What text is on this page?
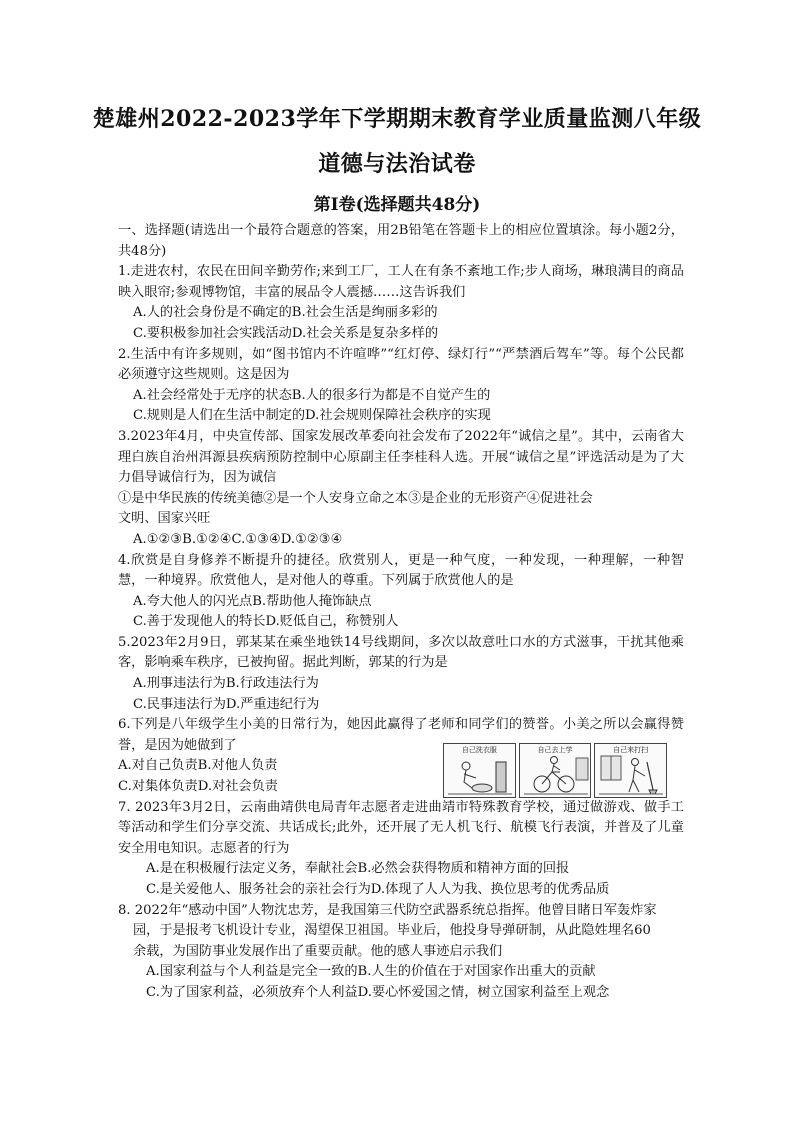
楚雄州2022-2023学年下学期期末教育学业质量监测八年级
道德与法治试卷
第Ⅰ卷(选择题共48分)

一、选择题(请选出一个最符合题意的答案，用2B铅笔在答题卡上的相应位置填涂。每小题2分，共48分)

1.走进农村，农民在田间辛勤劳作;来到工厂，工人在有条不紊地工作;步人商场，琳琅满目的商品映入眼帘;参观博物馆，丰富的展品令人震撼……这告诉我们

A.人的社会身份是不确定的B.社会生活是绚丽多彩的

C.要积极参加社会实践活动D.社会关系是复杂多样的

2.生活中有许多规则，如“图书馆内不许喧哗”“红灯停、绿灯行”“严禁酒后驾车”等。每个公民都必须遵守这些规则。这是因为

A.社会经常处于无序的状态B.人的很多行为都是不自觉产生的

C.规则是人们在生活中制定的D.社会规则保障社会秩序的实现

3.2023年4月，中央宣传部、国家发展改革委向社会发布了2022年“诚信之星”。其中，云南省大理白族自治州洱源县疾病预防控制中心原副主任李桂科人选。开展“诚信之星”评选活动是为了大力倡导诚信行为，因为诚信

①是中华民族的传统美德②是一个人安身立命之本③是企业的无形资产④促进社会

文明、国家兴旺

A.①②③B.①②④C.①③④D.①②③④

4.欣赏是自身修养不断提升的捷径。欣赏别人，更是一种气度，一种发现，一种理解，一种智慧，一种境界。欣赏他人，是对他人的尊重。下列属于欣赏他人的是

A.夸大他人的闪光点B.帮助他人掩饰缺点

C.善于发现他人的特长D.贬低自己，称赞别人

5.2023年2月9日，郭某某在乘坐地铁14号线期间，多次以故意吐口水的方式滋事，干扰其他乘客，影响乘车秩序，已被拘留。据此判断，郭某的行为是

A.刑事违法行为B.行政违法行为

C.民事违法行为D.严重违纪行为

6.下列是八年级学生小美的日常行为，她因此赢得了老师和同学们的赞誉。小美之所以会赢得赞誉，是因为她做到了

A.对自己负责B.对他人负责

C.对集体负责D.对社会负责

7. 2023年3月2日，云南曲靖供电局青年志愿者走进曲靖市特殊教育学校，通过做游戏、做手工等活动和学生们分享交流、共话成长;此外，还开展了无人机飞行、航模飞行表演，并普及了儿童安全用电知识。志愿者的行为

A.是在积极履行法定义务，奉献社会B.必然会获得物质和精神方面的回报

C.是关爱他人、服务社会的亲社会行为D.体现了人人为我、换位思考的优秀品质

8. 2022年“感动中国”人物沈忠芳，是我国第三代防空武器系统总指挥。他曾目睹日军轰炸家

园，于是报考飞机设计专业，渴望保卫祖国。毕业后，他投身导弹研制，从此隐姓埋名60

余载，为国防事业发展作出了重要贡献。他的感人事迹启示我们

A.国家利益与个人利益是完全一致的B.人生的价值在于对国家作出重大的贡献

C.为了国家利益，必须放弃个人利益D.要心怀爱国之情，树立国家利益至上观念

自己洗衣服	自己去上学	自己来打扫
